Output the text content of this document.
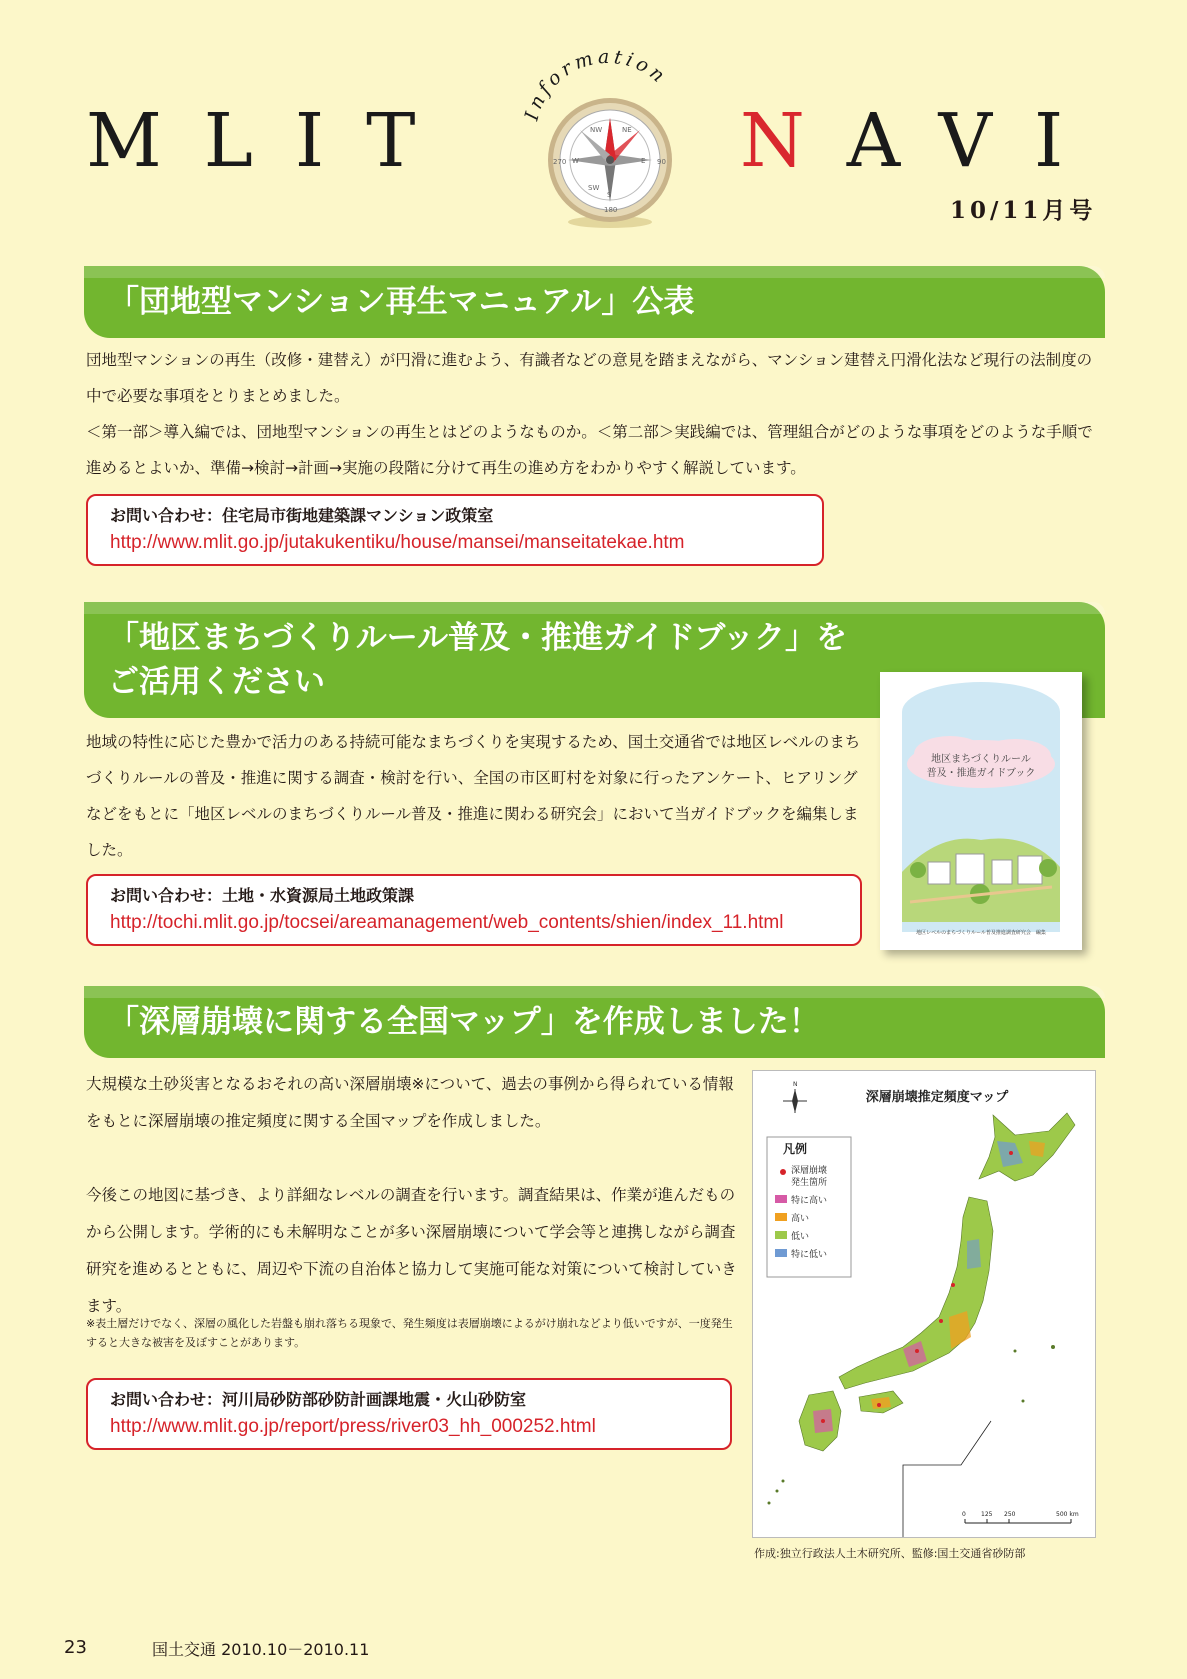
MLIT	NAVI
Information
NW	NE
W	E
S
SW
270	90
180	10/11月号
「団地型マンション再生マニュアル」公表

団地型マンションの再生（改修・建替え）が円滑に進むよう、有識者などの意見を踏まえながら、マンション建替え円滑化法など現行の法制度の中で必要な事項をとりまとめました。

＜第一部＞導入編では、団地型マンションの再生とはどのようなものか。＜第二部＞実践編では、管理組合がどのような事項をどのような手順で進めるとよいか、準備→検討→計画→実施の段階に分けて再生の進め方をわかりやすく解説しています。

お問い合わせ：住宅局市街地建築課マンション政策室
http://www.mlit.go.jp/jutakukentiku/house/mansei/manseitatekae.htm
「地区まちづくりルール普及・推進ガイドブック」を
ご活用ください

地域の特性に応じた豊かで活力のある持続可能なまちづくりを実現するため、国土交通省では地区レベルのまちづくりルールの普及・推進に関する調査・検討を行い、全国の市区町村を対象に行ったアンケート、ヒアリングなどをもとに「地区レベルのまちづくりルール普及・推進に関わる研究会」において当ガイドブックを編集しました。

お問い合わせ：土地・水資源局土地政策課
http://tochi.mlit.go.jp/tocsei/areamanagement/web_contents/shien/index_11.html
地区まちづくりルール
普及・推進ガイドブック
地区レベルのまちづくりルール普及推進調査研究会　編集
「深層崩壊に関する全国マップ」を作成しました！

大規模な土砂災害となるおそれの高い深層崩壊※について、過去の事例から得られている情報をもとに深層崩壊の推定頻度に関する全国マップを作成しました。

今後この地図に基づき、より詳細なレベルの調査を行います。調査結果は、作業が進んだものから公開します。学術的にも未解明なことが多い深層崩壊について学会等と連携しながら調査研究を進めるとともに、周辺や下流の自治体と協力して実施可能な対策について検討していきます。

※表土層だけでなく、深層の風化した岩盤も崩れ落ちる現象で、発生頻度は表層崩壊によるがけ崩れなどより低いですが、一度発生すると大きな被害を及ぼすことがあります。

お問い合わせ：河川局砂防部砂防計画課地震・火山砂防室
http://www.mlit.go.jp/report/press/river03_hh_000252.html
N
深層崩壊推定頻度マップ
凡例
深層崩壊
発生箇所
特に高い
高い
低い
特に低い
0	125 250	500 km
作成:独立行政法人土木研究所、監修:国土交通省砂防部
23	国土交通 2010.10－2010.11
